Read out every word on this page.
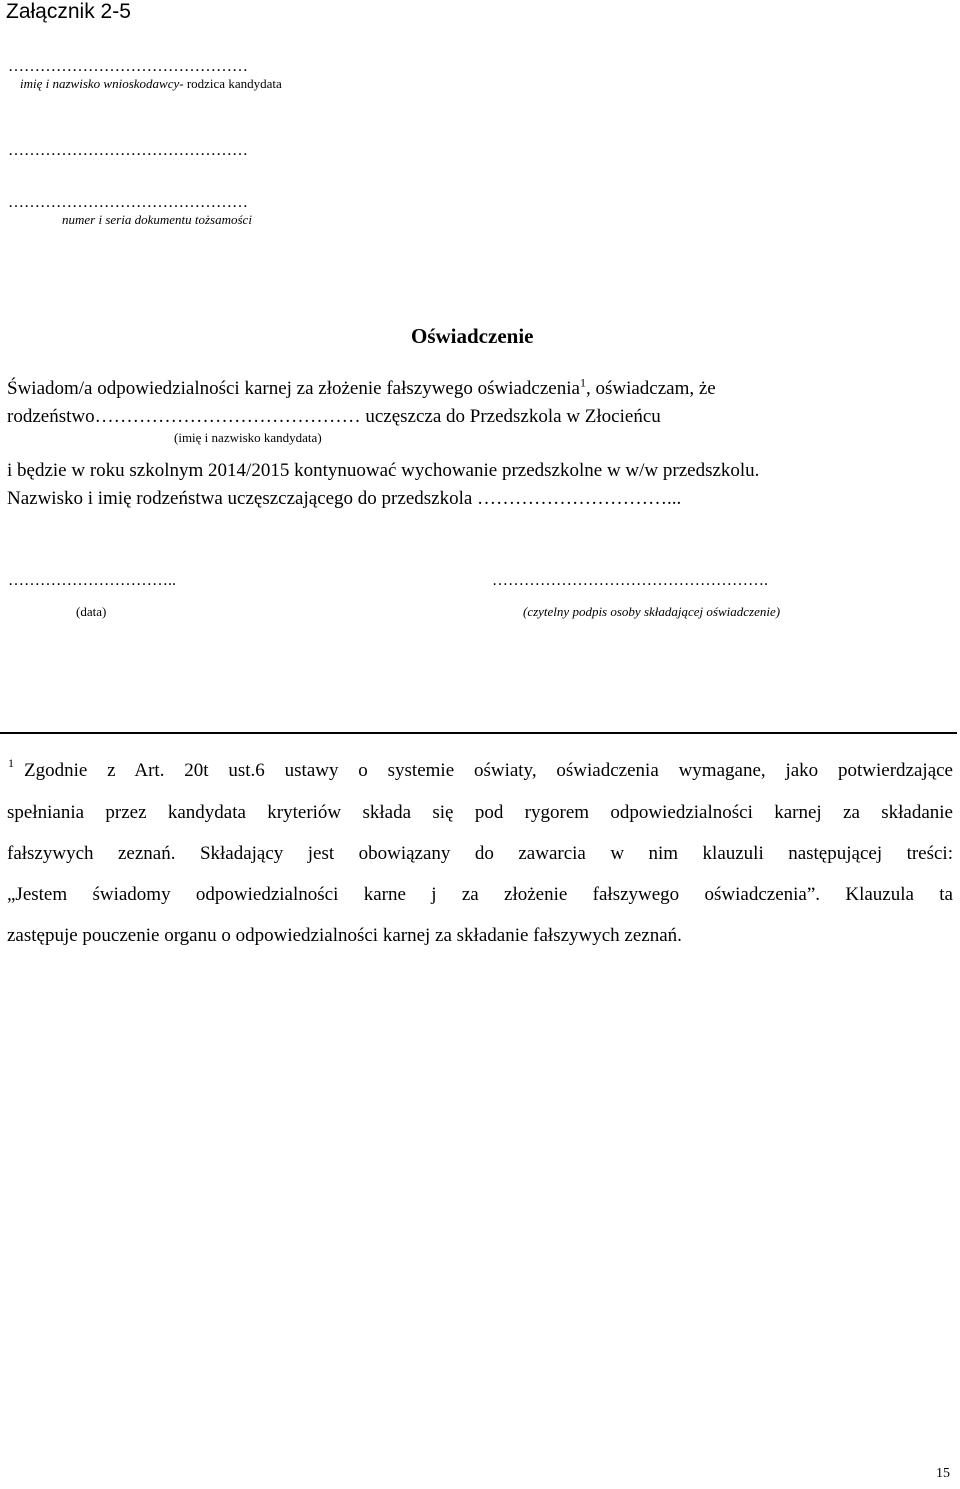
Załącznik 2-5
………………………………………
imię i nazwisko wnioskodawcy- rodzica kandydata
………………………………………
………………………………………
numer i seria dokumentu tożsamości
Oświadczenie
Świadom/a odpowiedzialności karnej za złożenie fałszywego oświadczenia$^1$, oświadczam, że
rodzeństwo…………………………………… uczęszcza do Przedszkola w Złocieńcu
(imię i nazwisko kandydata)
i będzie w roku szkolnym 2014/2015 kontynuować wychowanie przedszkolne w w/w przedszkolu.
Nazwisko i imię rodzeństwa uczęszczającego do przedszkola …………………………...
…………………………..
(data)
…………………………………………….
(czytelny podpis osoby składającej oświadczenie)
1 Zgodnie z Art. 20t ust.6 ustawy o systemie oświaty, oświadczenia wymagane, jako potwierdzające
spełniania przez kandydata kryteriów składa się pod rygorem odpowiedzialności karnej za składanie
fałszywych zeznań. Składający jest obowiązany do zawarcia w nim klauzuli następującej treści:
„Jestem świadomy odpowiedzialności karne j za złożenie fałszywego oświadczenia”. Klauzula ta
zastępuje pouczenie organu o odpowiedzialności karnej za składanie fałszywych zeznań.
15
